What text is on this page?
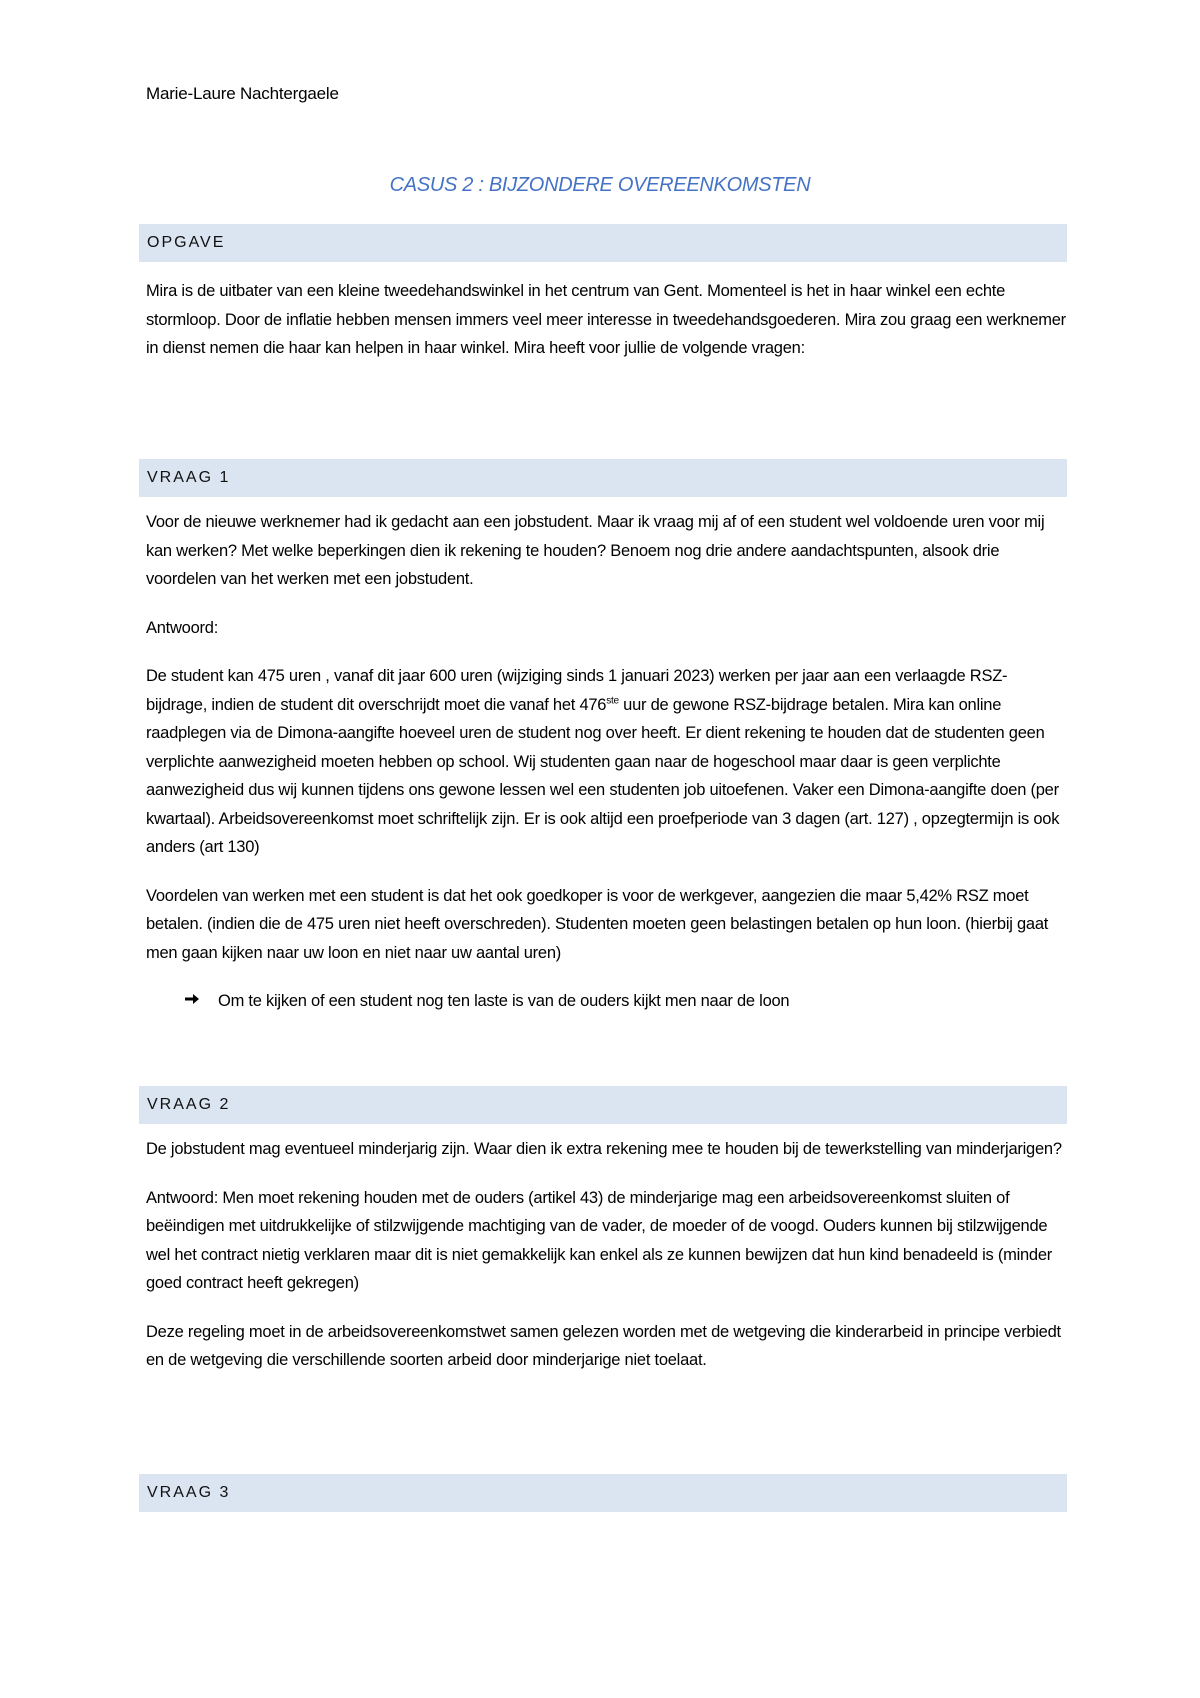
Marie-Laure Nachtergaele
CASUS 2 : BIJZONDERE OVEREENKOMSTEN
OPGAVE

Mira is de uitbater van een kleine tweedehandswinkel in het centrum van Gent. Momenteel is het in haar winkel een echte stormloop. Door de inflatie hebben mensen immers veel meer interesse in tweedehandsgoederen. Mira zou graag een werknemer in dienst nemen die haar kan helpen in haar winkel. Mira heeft voor jullie de volgende vragen:

VRAAG 1

Voor de nieuwe werknemer had ik gedacht aan een jobstudent. Maar ik vraag mij af of een student wel voldoende uren voor mij kan werken? Met welke beperkingen dien ik rekening te houden? Benoem nog drie andere aandachtspunten, alsook drie voordelen van het werken met een jobstudent.

Antwoord:

De student kan 475 uren , vanaf dit jaar 600 uren (wijziging sinds 1 januari 2023) werken per jaar aan een verlaagde RSZ-bijdrage, indien de student dit overschrijdt moet die vanaf het 476ste uur de gewone RSZ-bijdrage betalen. Mira kan online raadplegen via de Dimona-aangifte hoeveel uren de student nog over heeft. Er dient rekening te houden dat de studenten geen verplichte aanwezigheid moeten hebben op school. Wij studenten gaan naar de hogeschool maar daar is geen verplichte aanwezigheid dus wij kunnen tijdens ons gewone lessen wel een studenten job uitoefenen. Vaker een Dimona-aangifte doen (per kwartaal). Arbeidsovereenkomst moet schriftelijk zijn. Er is ook altijd een proefperiode van 3 dagen (art. 127) , opzegtermijn is ook anders (art 130)

Voordelen van werken met een student is dat het ook goedkoper is voor de werkgever, aangezien die maar 5,42% RSZ moet betalen. (indien die de 475 uren niet heeft overschreden). Studenten moeten geen belastingen betalen op hun loon. (hierbij gaat men gaan kijken naar uw loon en niet naar uw aantal uren)

Om te kijken of een student nog ten laste is van de ouders kijkt men naar de loon
VRAAG 2

De jobstudent mag eventueel minderjarig zijn. Waar dien ik extra rekening mee te houden bij de tewerkstelling van minderjarigen?

Antwoord: Men moet rekening houden met de ouders (artikel 43) de minderjarige mag een arbeidsovereenkomst sluiten of beëindigen met uitdrukkelijke of stilzwijgende machtiging van de vader, de moeder of de voogd. Ouders kunnen bij stilzwijgende wel het contract nietig verklaren maar dit is niet gemakkelijk kan enkel als ze kunnen bewijzen dat hun kind benadeeld is (minder goed contract heeft gekregen)

Deze regeling moet in de arbeidsovereenkomstwet samen gelezen worden met de wetgeving die kinderarbeid in principe verbiedt en de wetgeving die verschillende soorten arbeid door minderjarige niet toelaat.

VRAAG 3
